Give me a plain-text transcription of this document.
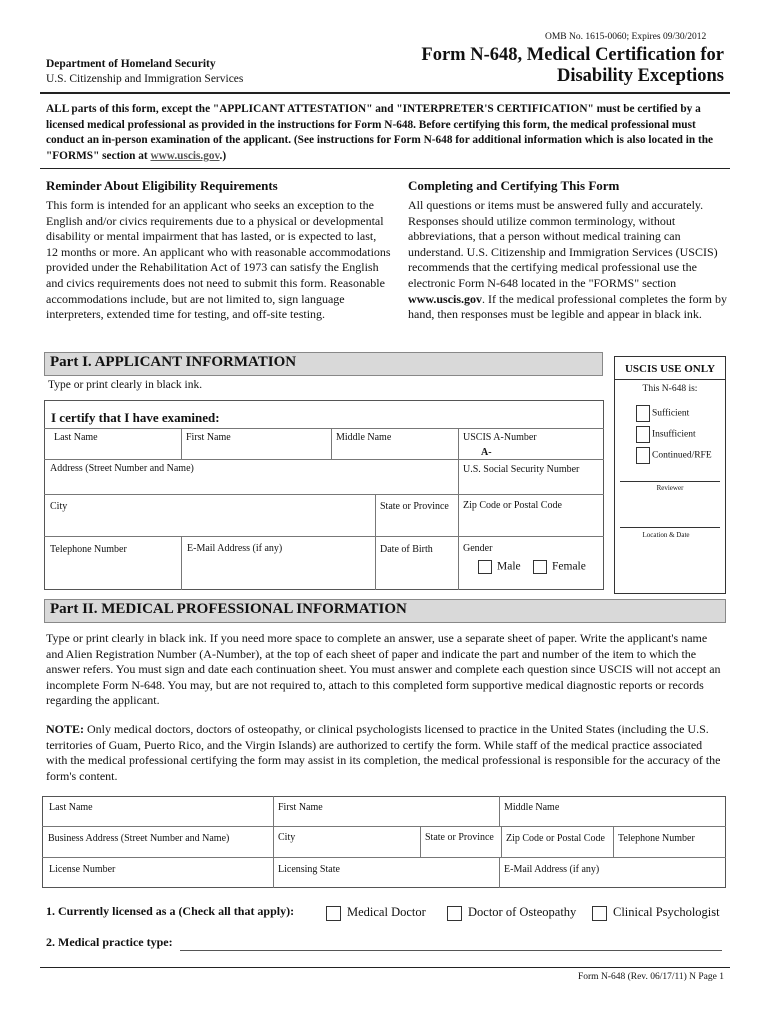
OMB No. 1615-0060; Expires 09/30/2012
Department of Homeland Security
U.S. Citizenship and Immigration Services
Form N-648, Medical Certification for
Disability Exceptions
ALL parts of this form, except the "APPLICANT ATTESTATION" and "INTERPRETER'S CERTIFICATION" must be certified by a licensed medical professional as provided in the instructions for Form N-648. Before certifying this form, the medical professional must conduct an in-person examination of the applicant. (See instructions for Form N-648 for additional information which is also located in the "FORMS" section at www.uscis.gov.)
Reminder About Eligibility Requirements
This form is intended for an applicant who seeks an exception to the English and/or civics requirements due to a physical or developmental disability or mental impairment that has lasted, or is expected to last, 12 months or more. An applicant who with reasonable accommodations provided under the Rehabilitation Act of 1973 can satisfy the English and civics requirements does not need to submit this form. Reasonable accommodations include, but are not limited to, sign language interpreters, extended time for testing, and off-site testing.
Completing and Certifying This Form
All questions or items must be answered fully and accurately. Responses should utilize common terminology, without abbreviations, that a person without medical training can understand. U.S. Citizenship and Immigration Services (USCIS) recommends that the certifying medical professional use the electronic Form N-648 located in the "FORMS" section www.uscis.gov. If the medical professional completes the form by hand, then responses must be legible and appear in black ink.
Part I. APPLICANT INFORMATION
Type or print clearly in black ink.
I certify that I have examined:
Last Name	First Name	Middle Name	USCIS A-Number
A-
Address (Street Number and Name)	U.S. Social Security Number
City	State or Province Zip Code or Postal Code
Telephone Number	E-Mail Address (if any)	Date of Birth	Gender
Male	Female
USCIS USE ONLY
This N-648 is:
Sufficient
Insufficient
Continued/RFE
Reviewer
Location & Date
Part II. MEDICAL PROFESSIONAL INFORMATION
Type or print clearly in black ink. If you need more space to complete an answer, use a separate sheet of paper. Write the applicant's name and Alien Registration Number (A-Number), at the top of each sheet of paper and indicate the part and number of the item to which the answer refers. You must sign and date each continuation sheet. You must answer and complete each question since USCIS will not accept an incomplete Form N-648. You may, but are not required to, attach to this completed form supportive medical diagnostic reports or records regarding the applicant.
NOTE: Only medical doctors, doctors of osteopathy, or clinical psychologists licensed to practice in the United States (including the U.S. territories of Guam, Puerto Rico, and the Virgin Islands) are authorized to certify the form. While staff of the medical practice associated with the medical professional certifying the form may assist in its completion, the medical professional is responsible for the accuracy of the form's content.
Last Name	First Name	Middle Name
Business Address (Street Number and Name)	City	State or Province Zip Code or Postal Code Telephone Number
License Number	Licensing State	E-Mail Address (if any)
1. Currently licensed as a (Check all that apply):	Medical Doctor	Doctor of Osteopathy	Clinical Psychologist
2. Medical practice type:
Form N-648 (Rev. 06/17/11) N Page 1
